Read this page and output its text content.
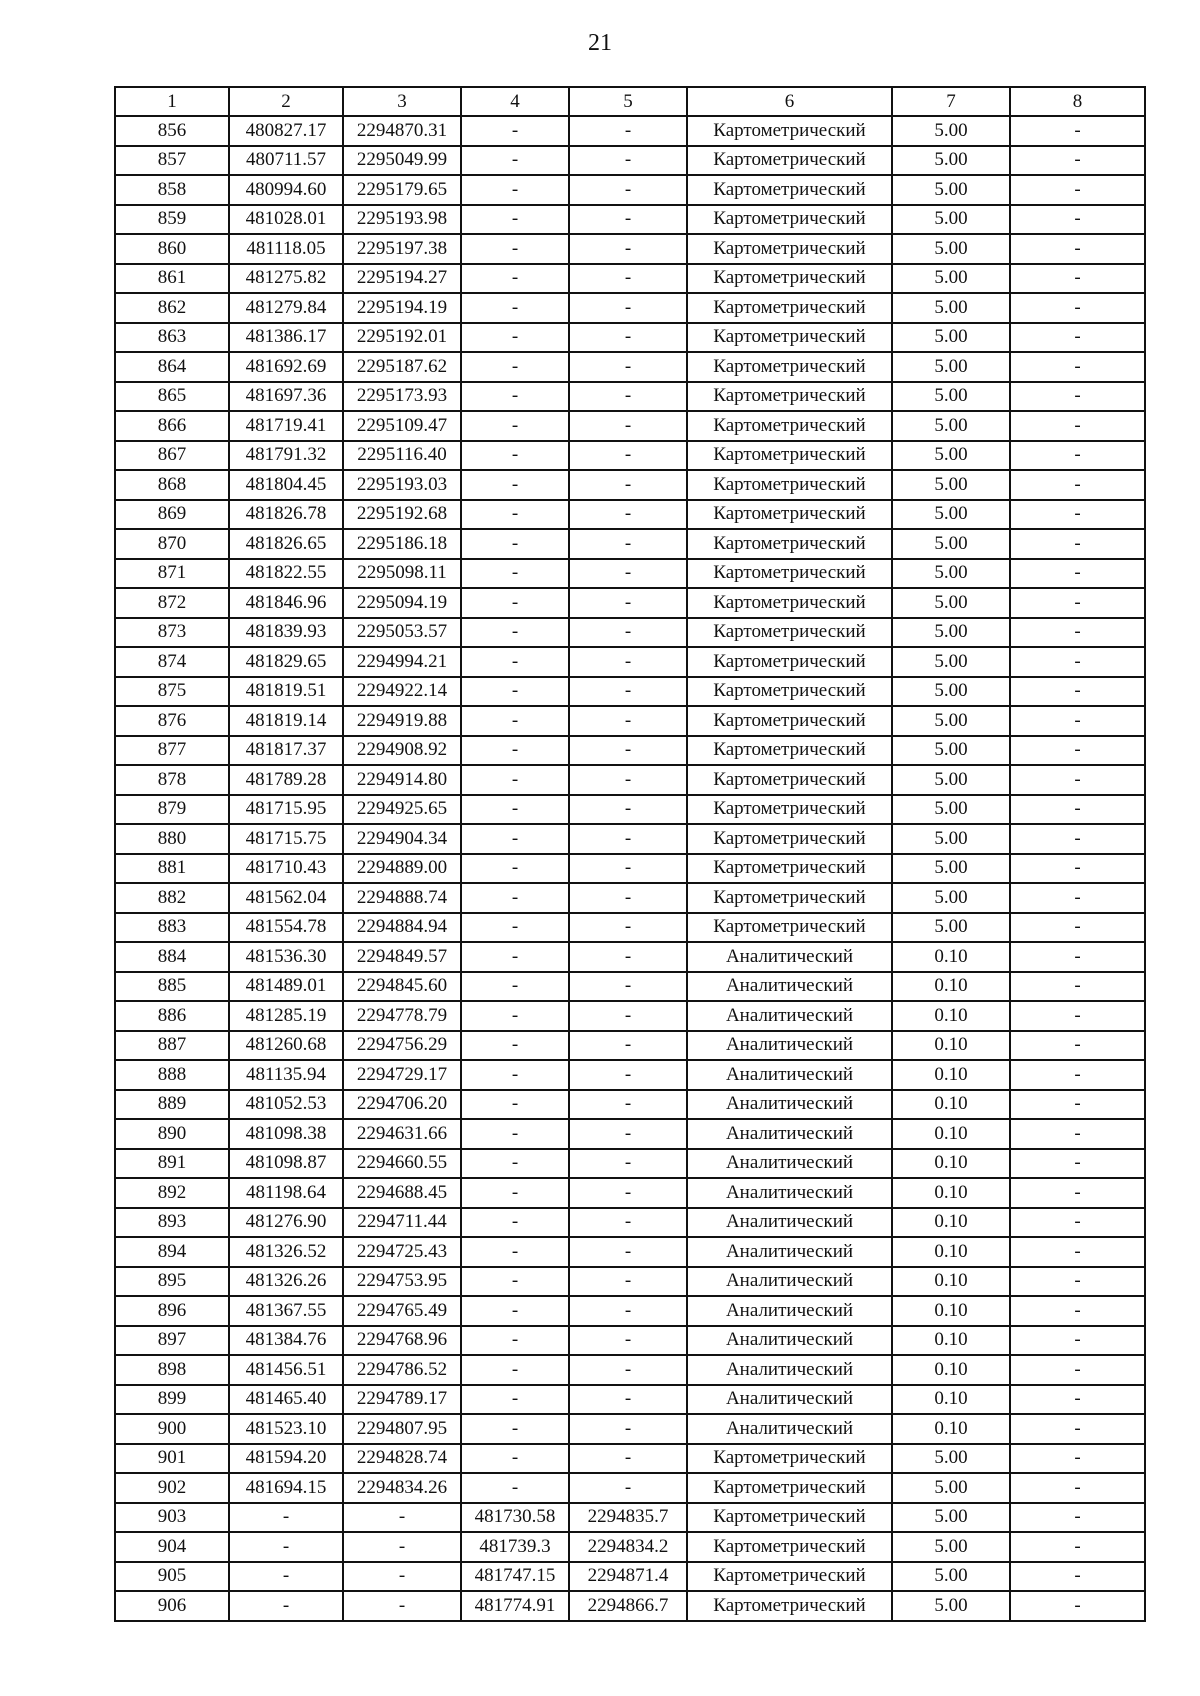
21
1	2	3	4	5	6	7	8
856	480827.17	2294870.31	-	-	Картометрический	5.00	-
857	480711.57	2295049.99	-	-	Картометрический	5.00	-
858	480994.60	2295179.65	-	-	Картометрический	5.00	-
859	481028.01	2295193.98	-	-	Картометрический	5.00	-
860	481118.05	2295197.38	-	-	Картометрический	5.00	-
861	481275.82	2295194.27	-	-	Картометрический	5.00	-
862	481279.84	2295194.19	-	-	Картометрический	5.00	-
863	481386.17	2295192.01	-	-	Картометрический	5.00	-
864	481692.69	2295187.62	-	-	Картометрический	5.00	-
865	481697.36	2295173.93	-	-	Картометрический	5.00	-
866	481719.41	2295109.47	-	-	Картометрический	5.00	-
867	481791.32	2295116.40	-	-	Картометрический	5.00	-
868	481804.45	2295193.03	-	-	Картометрический	5.00	-
869	481826.78	2295192.68	-	-	Картометрический	5.00	-
870	481826.65	2295186.18	-	-	Картометрический	5.00	-
871	481822.55	2295098.11	-	-	Картометрический	5.00	-
872	481846.96	2295094.19	-	-	Картометрический	5.00	-
873	481839.93	2295053.57	-	-	Картометрический	5.00	-
874	481829.65	2294994.21	-	-	Картометрический	5.00	-
875	481819.51	2294922.14	-	-	Картометрический	5.00	-
876	481819.14	2294919.88	-	-	Картометрический	5.00	-
877	481817.37	2294908.92	-	-	Картометрический	5.00	-
878	481789.28	2294914.80	-	-	Картометрический	5.00	-
879	481715.95	2294925.65	-	-	Картометрический	5.00	-
880	481715.75	2294904.34	-	-	Картометрический	5.00	-
881	481710.43	2294889.00	-	-	Картометрический	5.00	-
882	481562.04	2294888.74	-	-	Картометрический	5.00	-
883	481554.78	2294884.94	-	-	Картометрический	5.00	-
884	481536.30	2294849.57	-	-	Аналитический	0.10	-
885	481489.01	2294845.60	-	-	Аналитический	0.10	-
886	481285.19	2294778.79	-	-	Аналитический	0.10	-
887	481260.68	2294756.29	-	-	Аналитический	0.10	-
888	481135.94	2294729.17	-	-	Аналитический	0.10	-
889	481052.53	2294706.20	-	-	Аналитический	0.10	-
890	481098.38	2294631.66	-	-	Аналитический	0.10	-
891	481098.87	2294660.55	-	-	Аналитический	0.10	-
892	481198.64	2294688.45	-	-	Аналитический	0.10	-
893	481276.90	2294711.44	-	-	Аналитический	0.10	-
894	481326.52	2294725.43	-	-	Аналитический	0.10	-
895	481326.26	2294753.95	-	-	Аналитический	0.10	-
896	481367.55	2294765.49	-	-	Аналитический	0.10	-
897	481384.76	2294768.96	-	-	Аналитический	0.10	-
898	481456.51	2294786.52	-	-	Аналитический	0.10	-
899	481465.40	2294789.17	-	-	Аналитический	0.10	-
900	481523.10	2294807.95	-	-	Аналитический	0.10	-
901	481594.20	2294828.74	-	-	Картометрический	5.00	-
902	481694.15	2294834.26	-	-	Картометрический	5.00	-
903	-	-	481730.58	2294835.7	Картометрический	5.00	-
904	-	-	481739.3	2294834.2	Картометрический	5.00	-
905	-	-	481747.15	2294871.4	Картометрический	5.00	-
906	-	-	481774.91	2294866.7	Картометрический	5.00	-
